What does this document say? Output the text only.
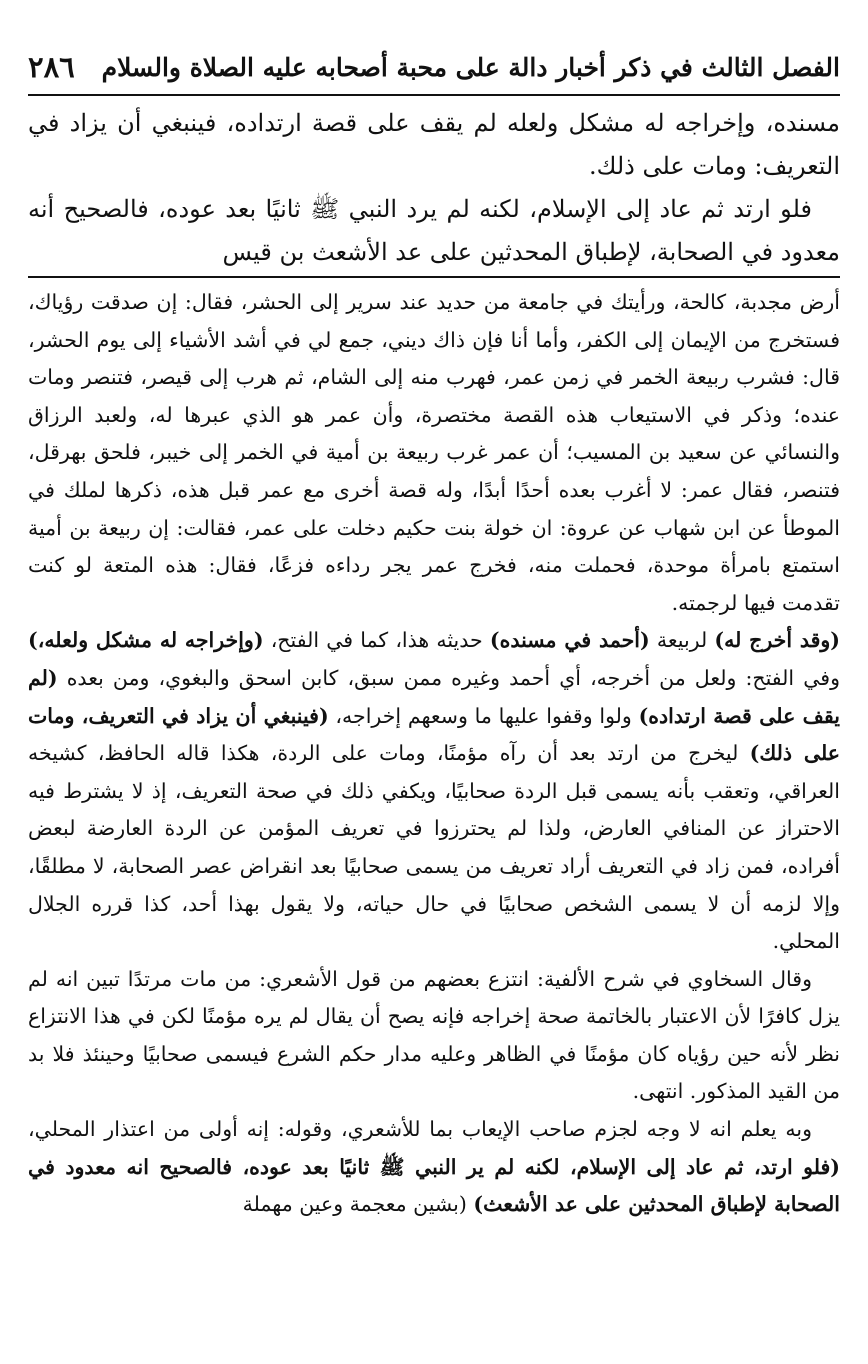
الفصل الثالث في ذكر أخبار دالة على محبة أصحابه عليه الصلاة والسلام
٢٨٦

مسنده، وإخراجه له مشكل ولعله لم يقف على قصة ارتداده، فينبغي أن يزاد في التعريف: ومات على ذلك.

فلو ارتد ثم عاد إلى الإسلام، لكنه لم يرد النبي ﷺ ثانيًا بعد عوده، فالصحيح أنه معدود في الصحابة، لإطباق المحدثين على عد الأشعث بن قيس

أرض مجدبة، كالحة، ورأيتك في جامعة من حديد عند سرير إلى الحشر، فقال: إن صدقت رؤياك، فستخرج من الإيمان إلى الكفر، وأما أنا فإن ذاك ديني، جمع لي في أشد الأشياء إلى يوم الحشر، قال: فشرب ربيعة الخمر في زمن عمر، فهرب منه إلى الشام، ثم هرب إلى قيصر، فتنصر ومات عنده؛ وذكر في الاستيعاب هذه القصة مختصرة، وأن عمر هو الذي عبرها له، ولعبد الرزاق والنسائي عن سعيد بن المسيب؛ أن عمر غرب ربيعة بن أمية في الخمر إلى خيبر، فلحق بهرقل، فتنصر، فقال عمر: لا أغرب بعده أحدًا أبدًا، وله قصة أخرى مع عمر قبل هذه، ذكرها لملك في الموطأ عن ابن شهاب عن عروة: ان خولة بنت حكيم دخلت على عمر، فقالت: إن ربيعة بن أمية استمتع بامرأة موحدة، فحملت منه، فخرج عمر يجر رداءه فزعًا، فقال: هذه المتعة لو كنت تقدمت فيها لرجمته.

(وقد أخرج له) لربيعة (أحمد في مسنده) حديثه هذا، كما في الفتح، (وإخراجه له مشكل ولعله،) وفي الفتح: ولعل من أخرجه، أي أحمد وغيره ممن سبق، كابن اسحق والبغوي، ومن بعده (لم يقف على قصة ارتداده) ولوا وقفوا عليها ما وسعهم إخراجه، (فينبغي أن يزاد في التعريف، ومات على ذلك) ليخرج من ارتد بعد أن رآه مؤمنًا، ومات على الردة، هكذا قاله الحافظ، كشيخه العراقي، وتعقب بأنه يسمى قبل الردة صحابيًا، ويكفي ذلك في صحة التعريف، إذ لا يشترط فيه الاحتراز عن المنافي العارض، ولذا لم يحترزوا في تعريف المؤمن عن الردة العارضة لبعض أفراده، فمن زاد في التعريف أراد تعريف من يسمى صحابيًا بعد انقراض عصر الصحابة، لا مطلقًا، وإلا لزمه أن لا يسمى الشخص صحابيًا في حال حياته، ولا يقول بهذا أحد، كذا قرره الجلال المحلي.

وقال السخاوي في شرح الألفية: انتزع بعضهم من قول الأشعري: من مات مرتدًا تبين انه لم يزل كافرًا لأن الاعتبار بالخاتمة صحة إخراجه فإنه يصح أن يقال لم يره مؤمنًا لكن في هذا الانتزاع نظر لأنه حين رؤياه كان مؤمنًا في الظاهر وعليه مدار حكم الشرع فيسمى صحابيًا وحينئذ فلا بد من القيد المذكور. انتهى.

وبه يعلم انه لا وجه لجزم صاحب الإيعاب بما للأشعري، وقوله: إنه أولى من اعتذار المحلي، (فلو ارتد، ثم عاد إلى الإسلام، لكنه لم ير النبي ﷺ ثانيًا بعد عوده، فالصحيح انه معدود في الصحابة لإطباق المحدثين على عد الأشعث) (بشين معجمة وعين مهملة
